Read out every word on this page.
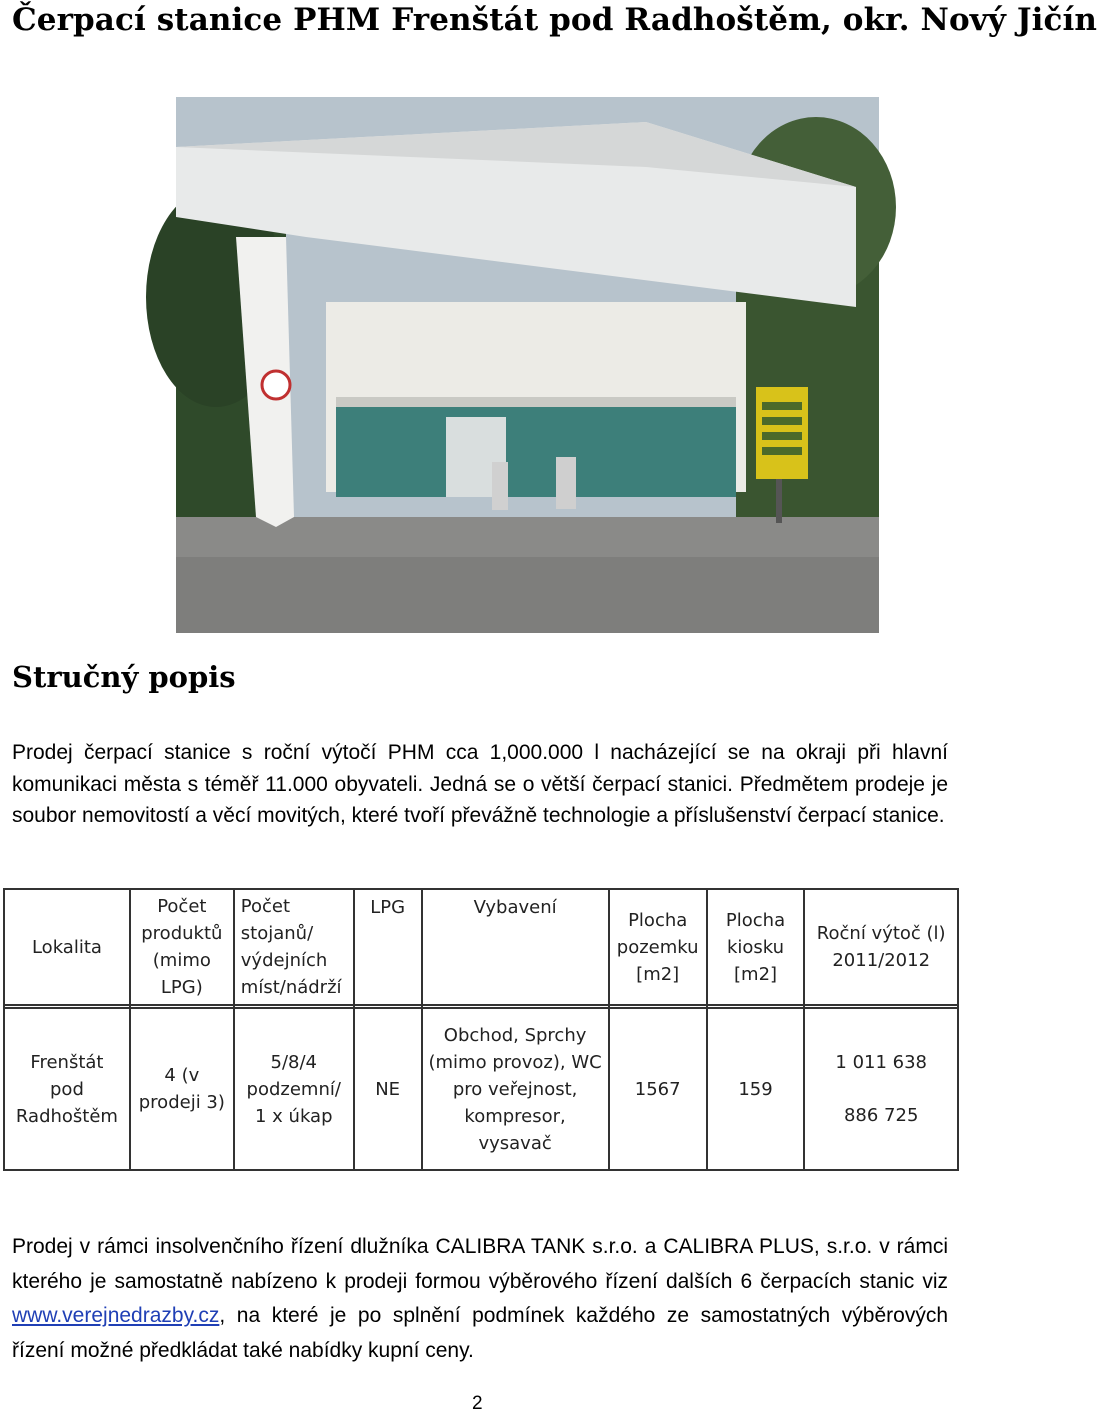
Čerpací stanice PHM Frenštát pod Radhoštěm, okr. Nový Jičín
Stručný popis

Prodej čerpací stanice s roční výtočí PHM cca 1,000.000 l nacházející se na okraji při hlavní komunikaci města s téměř 11.000 obyvateli. Jedná se o větší čerpací stanici. Předmětem prodeje je soubor nemovitostí a věcí movitých, které tvoří převážně technologie a příslušenství čerpací stanice.

Lokalita	Počet produktů (mimo LPG)	Počet stojanů/ výdejních míst/nádrží	LPG	Vybavení	Plocha pozemku [m2]	Plocha kiosku [m2]	Roční výtoč (l) 2011/2012

Frenštát pod Radhoštěm	4 (v prodeji 3)	5/8/4 podzemní/ 1 x úkap	NE	Obchod, Sprchy (mimo provoz), WC pro veřejnost, kompresor, vysavač	1567	159	1 011 638
886 725

Prodej v rámci insolvenčního řízení dlužníka CALIBRA TANK s.r.o. a CALIBRA PLUS, s.r.o. v rámci kterého je samostatně nabízeno k prodeji formou výběrového řízení dalších 6 čerpacích stanic viz www.verejnedrazby.cz, na které je po splnění podmínek každého ze samostatných výběrových řízení možné předkládat také nabídky kupní ceny.

2
